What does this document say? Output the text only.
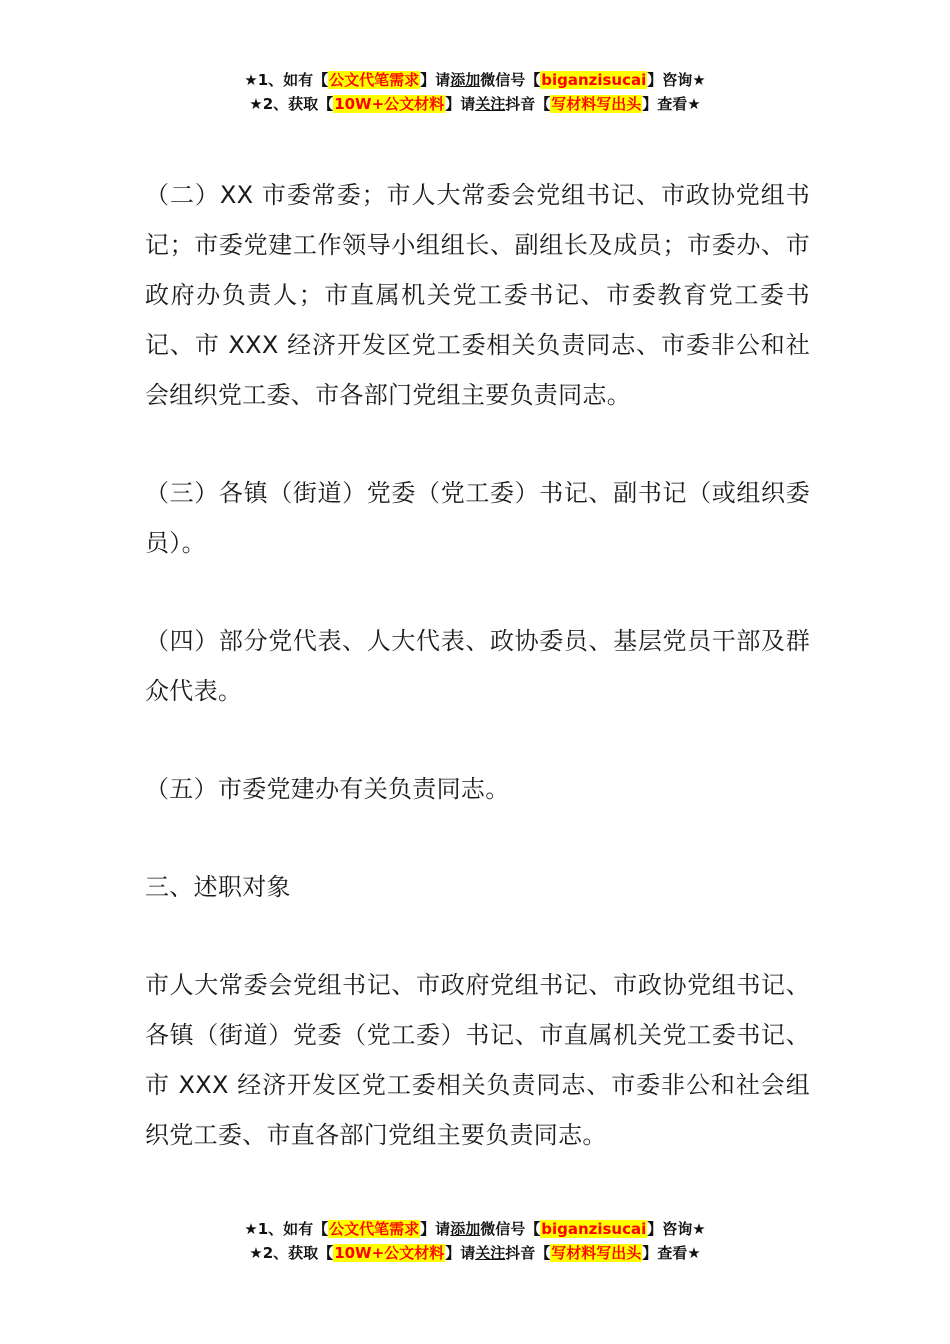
★1、如有【公文代笔需求】请添加微信号【biganzisucai】咨询★
★2、获取【10W+公文材料】请关注抖音【写材料写出头】查看★

（二）XX 市委常委；市人大常委会党组书记、市政协党组书记；市委党建工作领导小组组长、副组长及成员；市委办、市政府办负责人；市直属机关党工委书记、市委教育党工委书记、市 XXX 经济开发区党工委相关负责同志、市委非公和社会组织党工委、市各部门党组主要负责同志。

（三）各镇（街道）党委（党工委）书记、副书记（或组织委员）。

（四）部分党代表、人大代表、政协委员、基层党员干部及群众代表。

（五）市委党建办有关负责同志。

三、述职对象

市人大常委会党组书记、市政府党组书记、市政协党组书记、各镇（街道）党委（党工委）书记、市直属机关党工委书记、市 XXX 经济开发区党工委相关负责同志、市委非公和社会组织党工委、市直各部门党组主要负责同志。

★1、如有【公文代笔需求】请添加微信号【biganzisucai】咨询★
★2、获取【10W+公文材料】请关注抖音【写材料写出头】查看★
